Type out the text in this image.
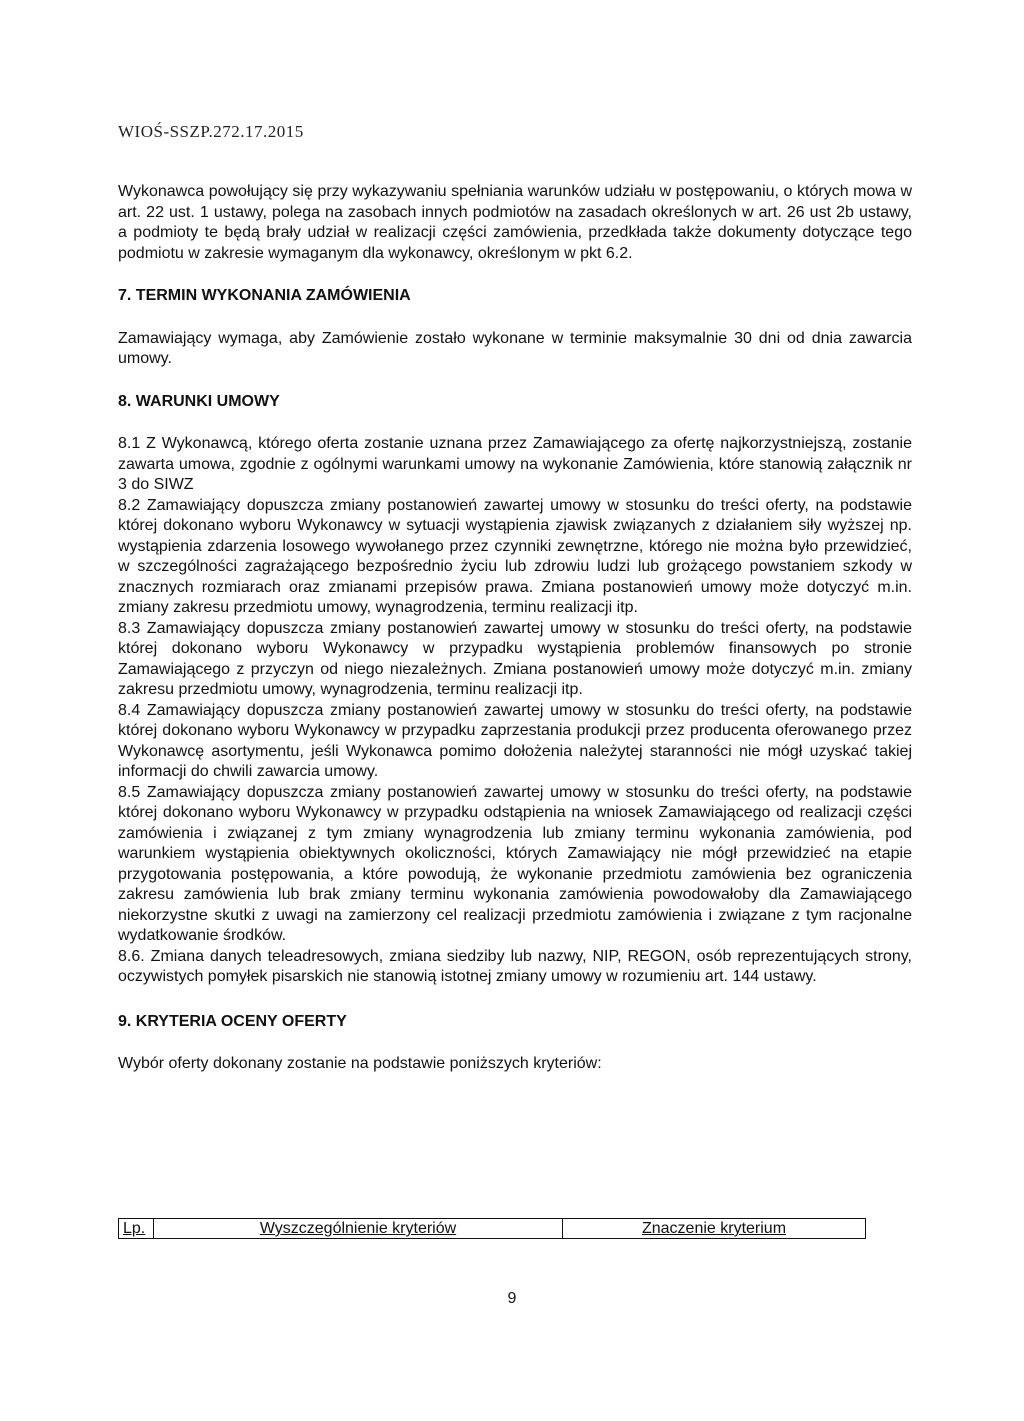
WIOŚ-SSZP.272.17.2015

Wykonawca powołujący się przy wykazywaniu spełniania warunków udziału w postępowaniu, o których mowa w art. 22 ust. 1 ustawy, polega na zasobach innych podmiotów na zasadach określonych w art. 26 ust 2b ustawy, a podmioty te będą brały udział w realizacji części zamówienia, przedkłada także dokumenty dotyczące tego podmiotu w zakresie wymaganym dla wykonawcy, określonym w pkt 6.2.

7. TERMIN WYKONANIA ZAMÓWIENIA

Zamawiający wymaga, aby Zamówienie zostało wykonane w terminie maksymalnie 30 dni od dnia zawarcia umowy.

8. WARUNKI UMOWY

8.1 Z Wykonawcą, którego oferta zostanie uznana przez Zamawiającego za ofertę najkorzystniejszą, zostanie zawarta umowa, zgodnie z ogólnymi warunkami umowy na wykonanie Zamówienia, które stanowią załącznik nr 3 do SIWZ

8.2 Zamawiający dopuszcza zmiany postanowień zawartej umowy w stosunku do treści oferty, na podstawie której dokonano wyboru Wykonawcy w sytuacji wystąpienia zjawisk związanych z działaniem siły wyższej np. wystąpienia zdarzenia losowego wywołanego przez czynniki zewnętrzne, którego nie można było przewidzieć, w szczególności zagrażającego bezpośrednio życiu lub zdrowiu ludzi lub grożącego powstaniem szkody w znacznych rozmiarach oraz zmianami przepisów prawa. Zmiana postanowień umowy może dotyczyć m.in. zmiany zakresu przedmiotu umowy, wynagrodzenia, terminu realizacji itp.

8.3 Zamawiający dopuszcza zmiany postanowień zawartej umowy w stosunku do treści oferty, na podstawie której dokonano wyboru Wykonawcy w przypadku wystąpienia problemów finansowych po stronie Zamawiającego z przyczyn od niego niezależnych. Zmiana postanowień umowy może dotyczyć m.in. zmiany zakresu przedmiotu umowy, wynagrodzenia, terminu realizacji itp.

8.4 Zamawiający dopuszcza zmiany postanowień zawartej umowy w stosunku do treści oferty, na podstawie której dokonano wyboru Wykonawcy w przypadku zaprzestania produkcji przez producenta oferowanego przez Wykonawcę asortymentu, jeśli Wykonawca pomimo dołożenia należytej staranności nie mógł uzyskać takiej informacji do chwili zawarcia umowy.

8.5 Zamawiający dopuszcza zmiany postanowień zawartej umowy w stosunku do treści oferty, na podstawie której dokonano wyboru Wykonawcy w przypadku odstąpienia na wniosek Zamawiającego od realizacji części zamówienia i związanej z tym zmiany wynagrodzenia lub zmiany terminu wykonania zamówienia, pod warunkiem wystąpienia obiektywnych okoliczności, których Zamawiający nie mógł przewidzieć na etapie przygotowania postępowania, a które powodują, że wykonanie przedmiotu zamówienia bez ograniczenia zakresu zamówienia lub brak zmiany terminu wykonania zamówienia powodowałoby dla Zamawiającego niekorzystne skutki z uwagi na zamierzony cel realizacji przedmiotu zamówienia i związane z tym racjonalne wydatkowanie środków.

8.6. Zmiana danych teleadresowych, zmiana siedziby lub nazwy, NIP, REGON, osób reprezentujących strony, oczywistych pomyłek pisarskich nie stanowią istotnej zmiany umowy w rozumieniu art. 144 ustawy.

9. KRYTERIA OCENY OFERTY

Wybór oferty dokonany zostanie na podstawie poniższych kryteriów:

Lp.	Wyszczególnienie kryteriów	Znaczenie kryterium
9
